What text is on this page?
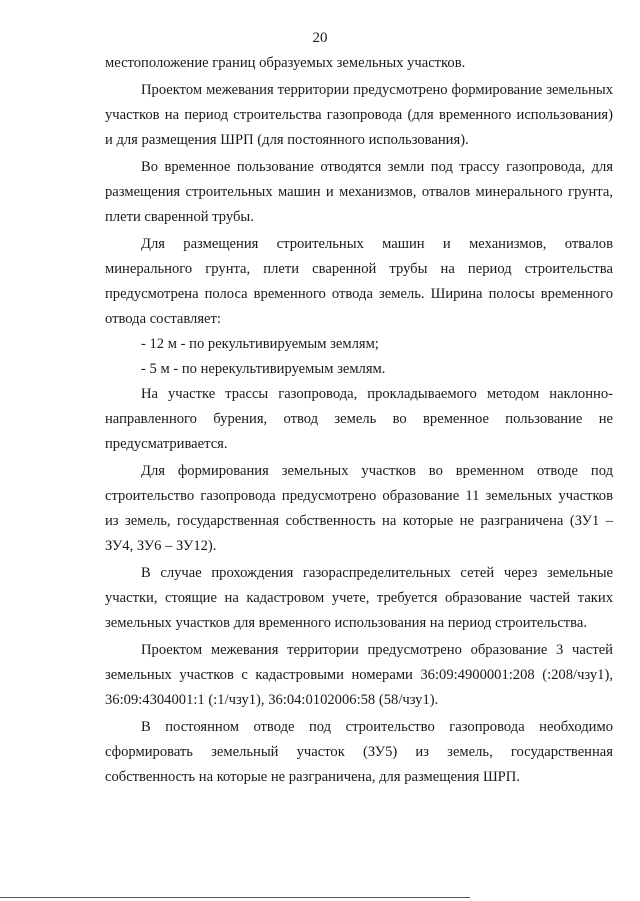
20

местоположение границ образуемых земельных участков.

Проектом межевания территории предусмотрено формирование земельных участков на период строительства газопровода (для временного использования) и для размещения ШРП (для постоянного использования).

Во временное пользование отводятся земли под трассу газопровода, для размещения строительных машин и механизмов, отвалов минерального грунта, плети сваренной трубы.

Для размещения строительных машин и механизмов, отвалов минерального грунта, плети сваренной трубы на период строительства предусмотрена полоса временного отвода земель. Ширина полосы временного отвода составляет:

- 12 м - по рекультивируемым землям;

- 5 м - по нерекультивируемым землям.

На участке трассы газопровода, прокладываемого методом наклонно-направленного бурения, отвод земель во временное пользование не предусматривается.

Для формирования земельных участков во временном отводе под строительство газопровода предусмотрено образование 11 земельных участков из земель, государственная собственность на которые не разграничена (ЗУ1 – ЗУ4, ЗУ6 – ЗУ12).

В случае прохождения газораспределительных сетей через земельные участки, стоящие на кадастровом учете, требуется образование частей таких земельных участков для временного использования на период строительства.

Проектом межевания территории предусмотрено образование 3 частей земельных участков с кадастровыми номерами 36:09:4900001:208 (:208/чзу1), 36:09:4304001:1 (:1/чзу1), 36:04:0102006:58 (58/чзу1).

В постоянном отводе под строительство газопровода необходимо сформировать земельный участок (ЗУ5) из земель, государственная собственность на которые не разграничена, для размещения ШРП.
